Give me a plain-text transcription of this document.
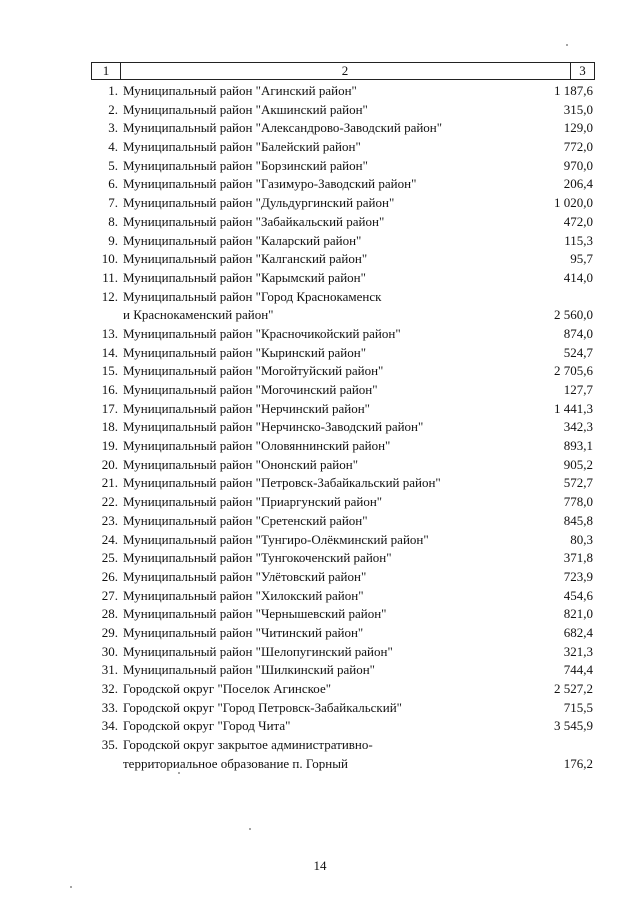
1	2	3
1. Муниципальный район "Агинский район"	1 187,6
2. Муниципальный район "Акшинский район"	315,0
3. Муниципальный район "Александрово-Заводский район"	129,0
4. Муниципальный район "Балейский район"	772,0
5. Муниципальный район "Борзинский район"	970,0
6. Муниципальный район "Газимуро-Заводский район"	206,4
7. Муниципальный район "Дульдургинский район"	1 020,0
8. Муниципальный район "Забайкальский район"	472,0
9. Муниципальный район "Каларский район"	115,3
10. Муниципальный район "Калганский район"	95,7
11. Муниципальный район "Карымский район"	414,0
12. Муниципальный район "Город Краснокаменск
и Краснокаменский район"	2 560,0
13. Муниципальный район "Красночикойский район"	874,0
14. Муниципальный район "Кыринский район"	524,7
15. Муниципальный район "Могойтуйский район"	2 705,6
16. Муниципальный район "Могочинский район"	127,7
17. Муниципальный район "Нерчинский район"	1 441,3
18. Муниципальный район "Нерчинско-Заводский район"	342,3
19. Муниципальный район "Оловяннинский район"	893,1
20. Муниципальный район "Ононский район"	905,2
21. Муниципальный район "Петровск-Забайкальский район"	572,7
22. Муниципальный район "Приаргунский район"	778,0
23. Муниципальный район "Сретенский район"	845,8
24. Муниципальный район "Тунгиро-Олёкминский район"	80,3
25. Муниципальный район "Тунгокоченский район"	371,8
26. Муниципальный район "Улётовский район"	723,9
27. Муниципальный район "Хилокский район"	454,6
28. Муниципальный район "Чернышевский район"	821,0
29. Муниципальный район "Читинский район"	682,4
30. Муниципальный район "Шелопугинский район"	321,3
31. Муниципальный район "Шилкинский район"	744,4
32. Городской округ "Поселок Агинское"	2 527,2
33. Городской округ "Город Петровск-Забайкальский"	715,5
34. Городской округ "Город Чита"	3 545,9
35. Городской округ закрытое административно-
территориальное образование п. Горный	176,2
14
